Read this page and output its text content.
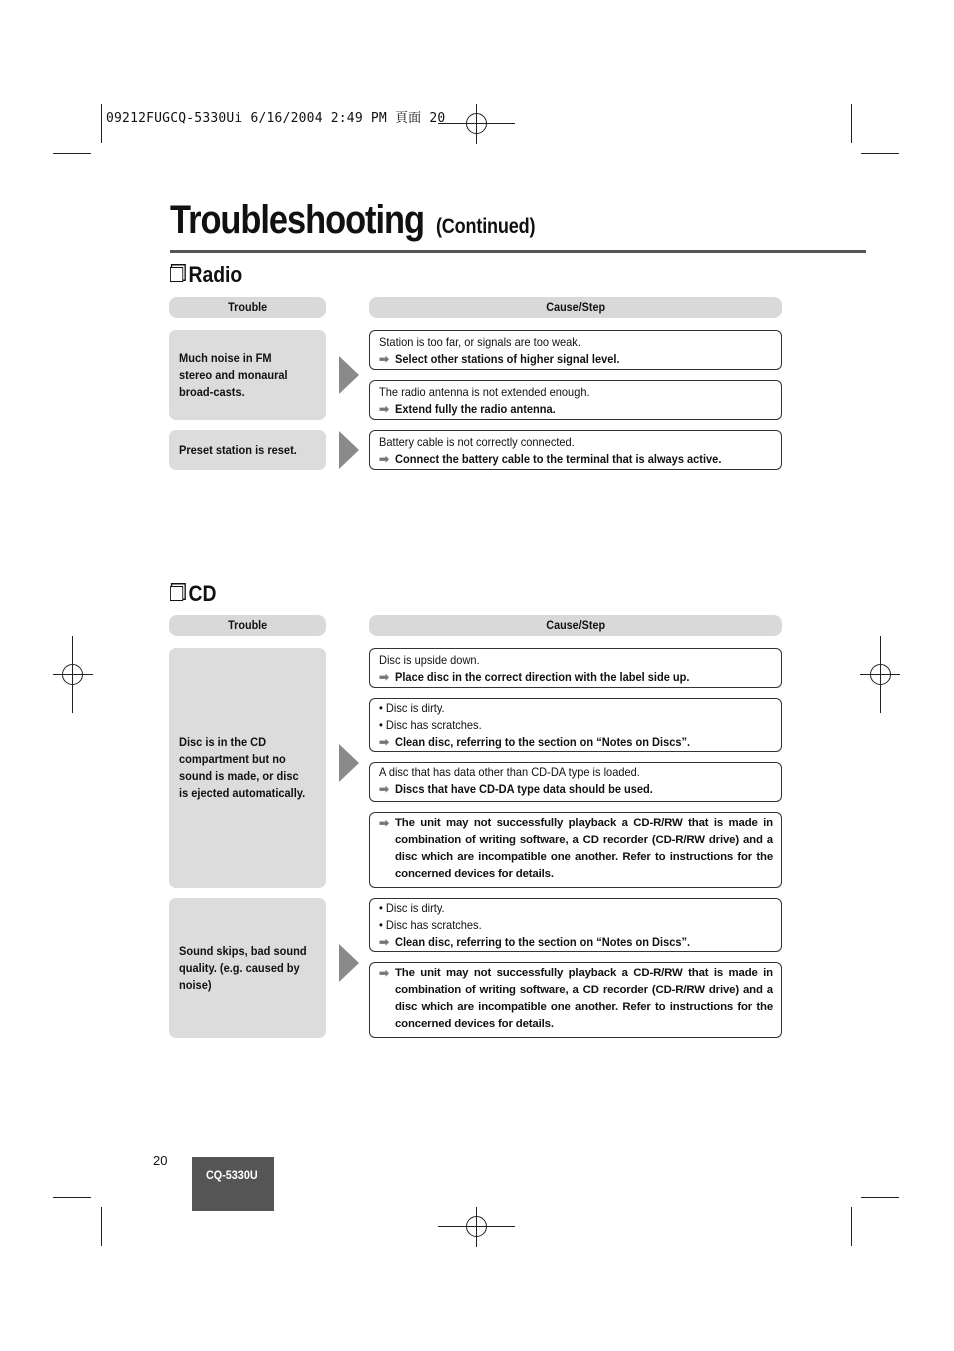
09212FUGCQ-5330Ui 6/16/2004 2:49 PM 頁面 20
Troubleshooting (Continued)
Radio
Trouble	Cause/Step
Much noise in FM stereo and monaural broad-casts.
Station is too far, or signals are too weak.
➡ Select other stations of higher signal level.
The radio antenna is not extended enough.
➡ Extend fully the radio antenna.
Preset station is reset.
Battery cable is not correctly connected.
➡ Connect the battery cable to the terminal that is always active.
CD
Trouble	Cause/Step
Disc is in the CD compartment but no sound is made, or disc is ejected automatically.
Disc is upside down.
➡ Place disc in the correct direction with the label side up.
• Disc is dirty.
• Disc has scratches.
➡ Clean disc, referring to the section on “Notes on Discs”.
A disc that has data other than CD-DA type is loaded.
➡ Discs that have CD-DA type data should be used.
➡ The unit may not successfully playback a CD-R/RW that is made in combination of writing software, a CD recorder (CD-R/RW drive) and a disc which are incompatible one another. Refer to instructions for the concerned devices for details.
Sound skips, bad sound quality. (e.g. caused by noise)
• Disc is dirty.
• Disc has scratches.
➡ Clean disc, referring to the section on “Notes on Discs”.
➡ The unit may not successfully playback a CD-R/RW that is made in combination of writing software, a CD recorder (CD-R/RW drive) and a disc which are incompatible one another. Refer to instructions for the concerned devices for details.
20
CQ-5330U
